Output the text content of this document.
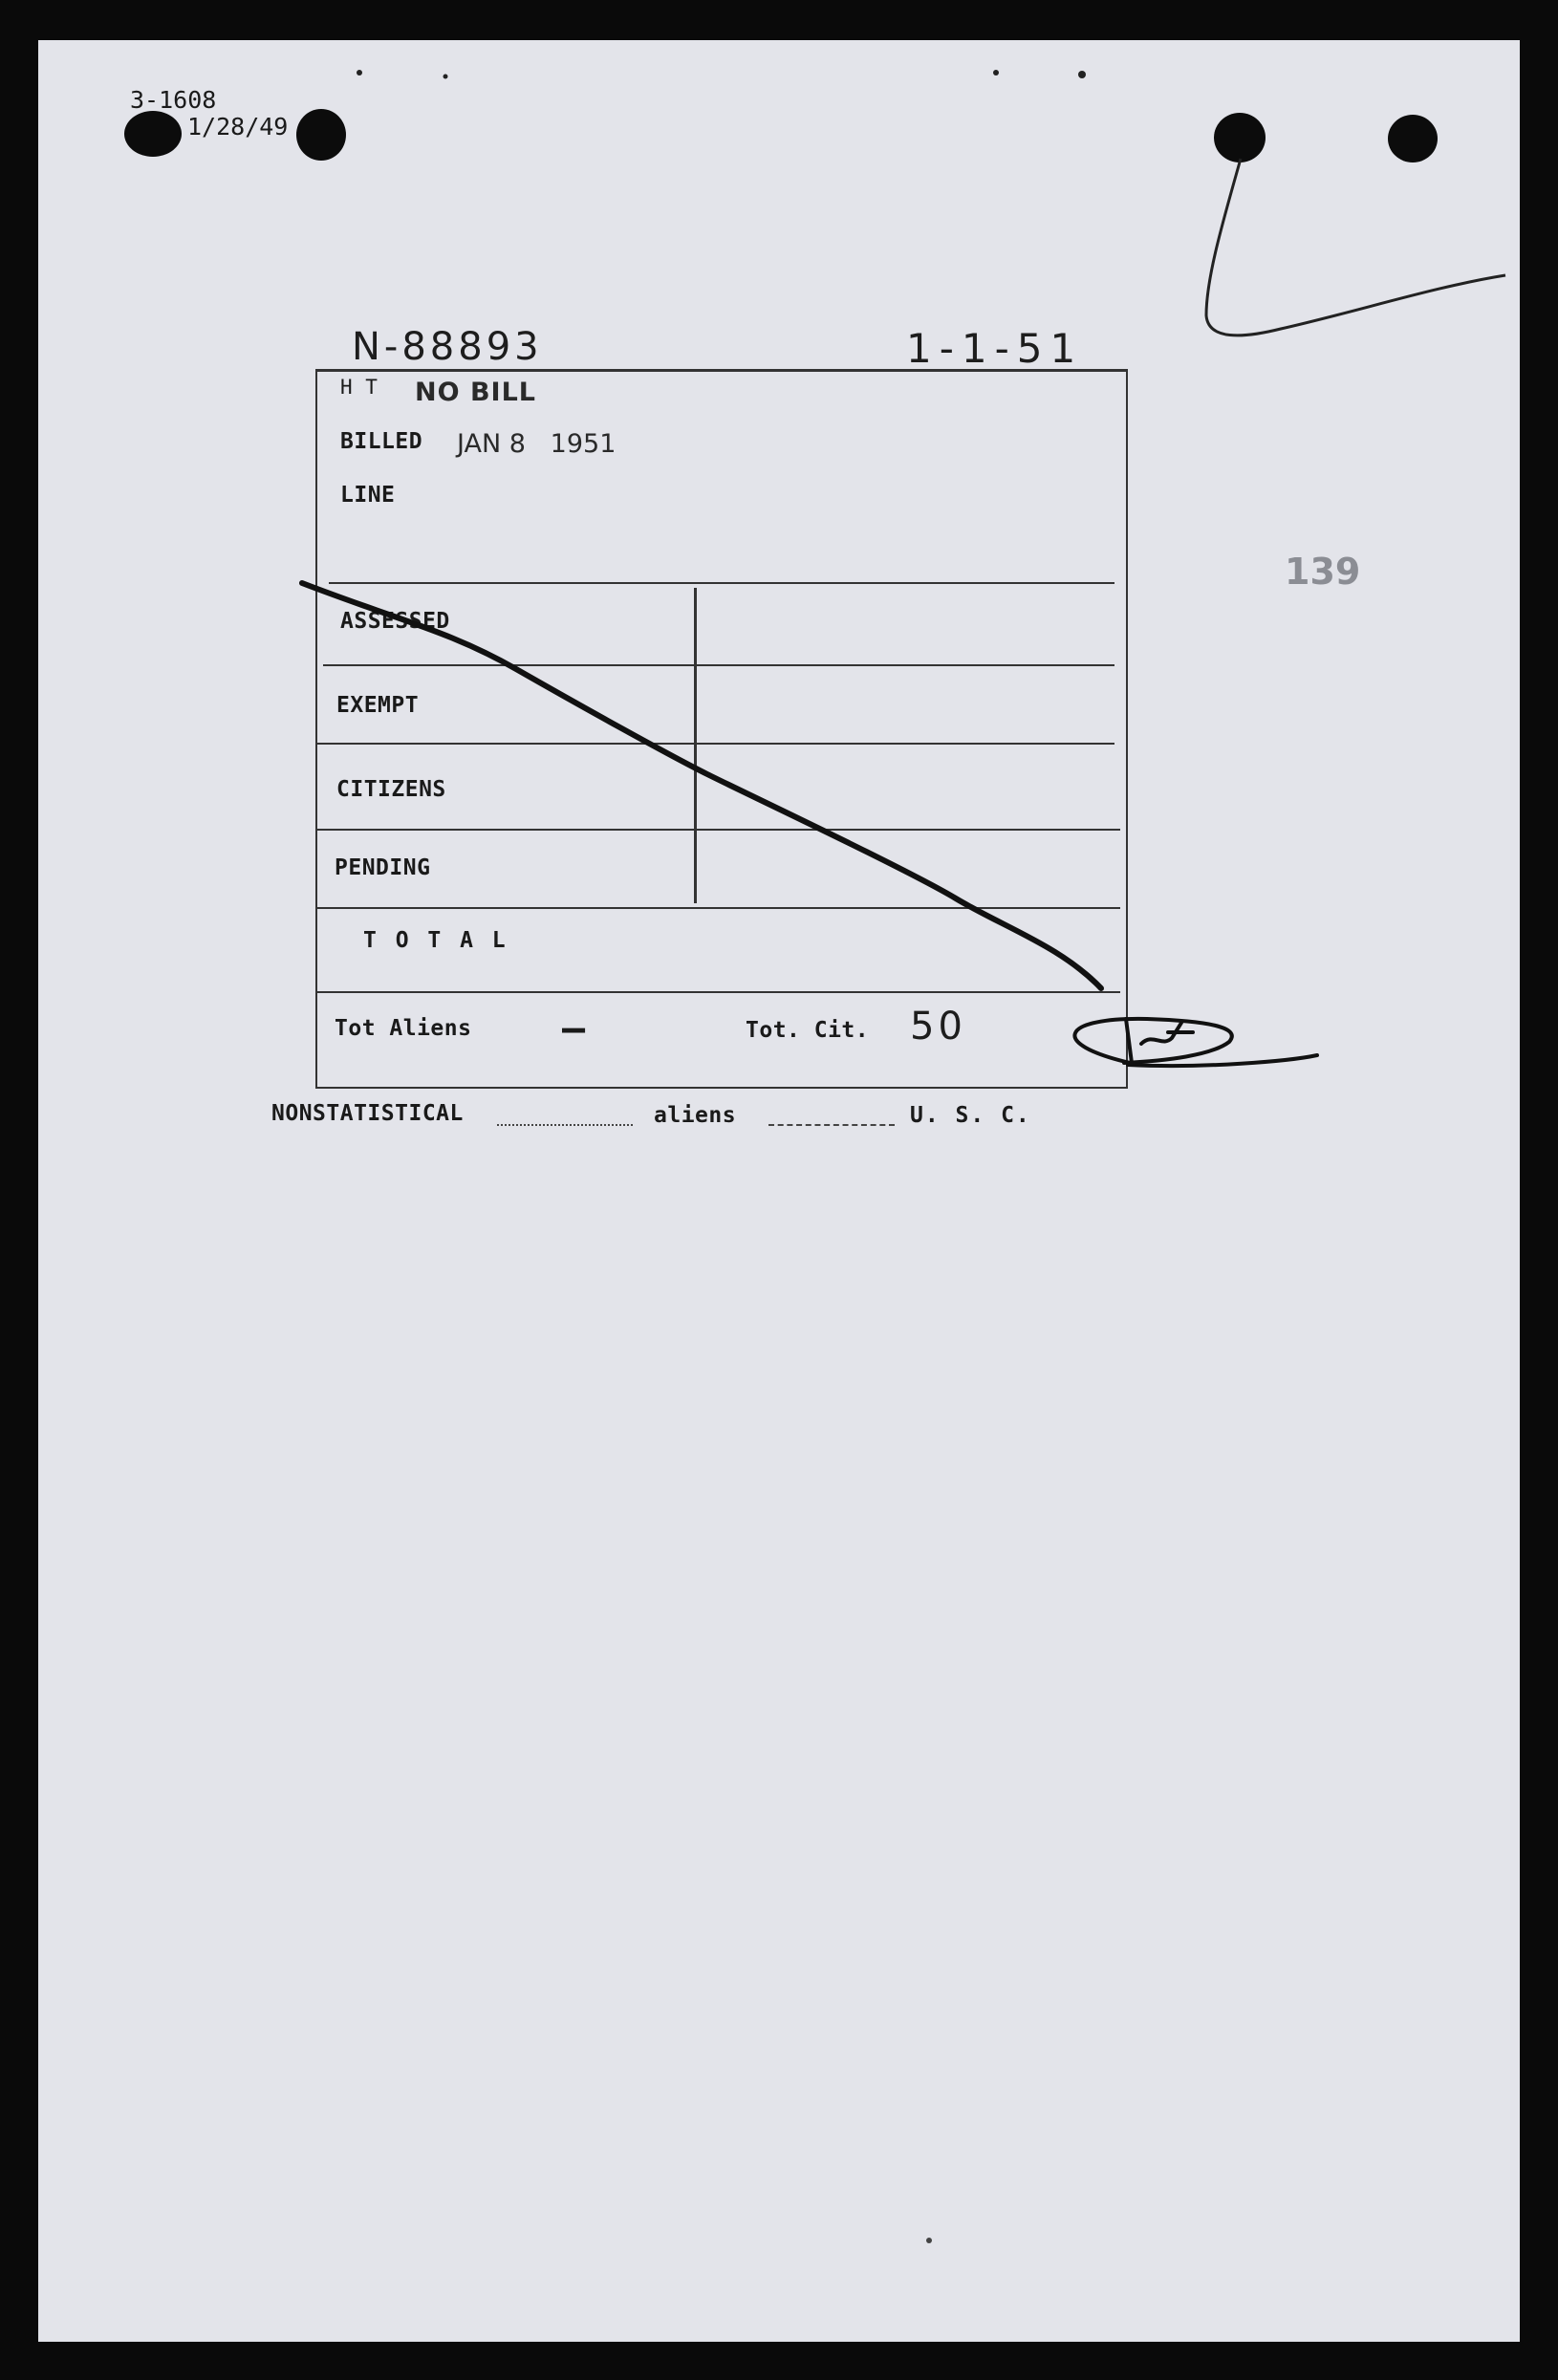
3-1608
1/28/49
N-88893	1-1-51
139
H T NO BILL
BILLED JAN 8   1951
LINE
ASSESSED
EXEMPT
CITIZENS
PENDING
T O T A L
Tot Aliens —	Tot. Cit. 50
NONSTATISTICAL	aliens	U. S. C.
